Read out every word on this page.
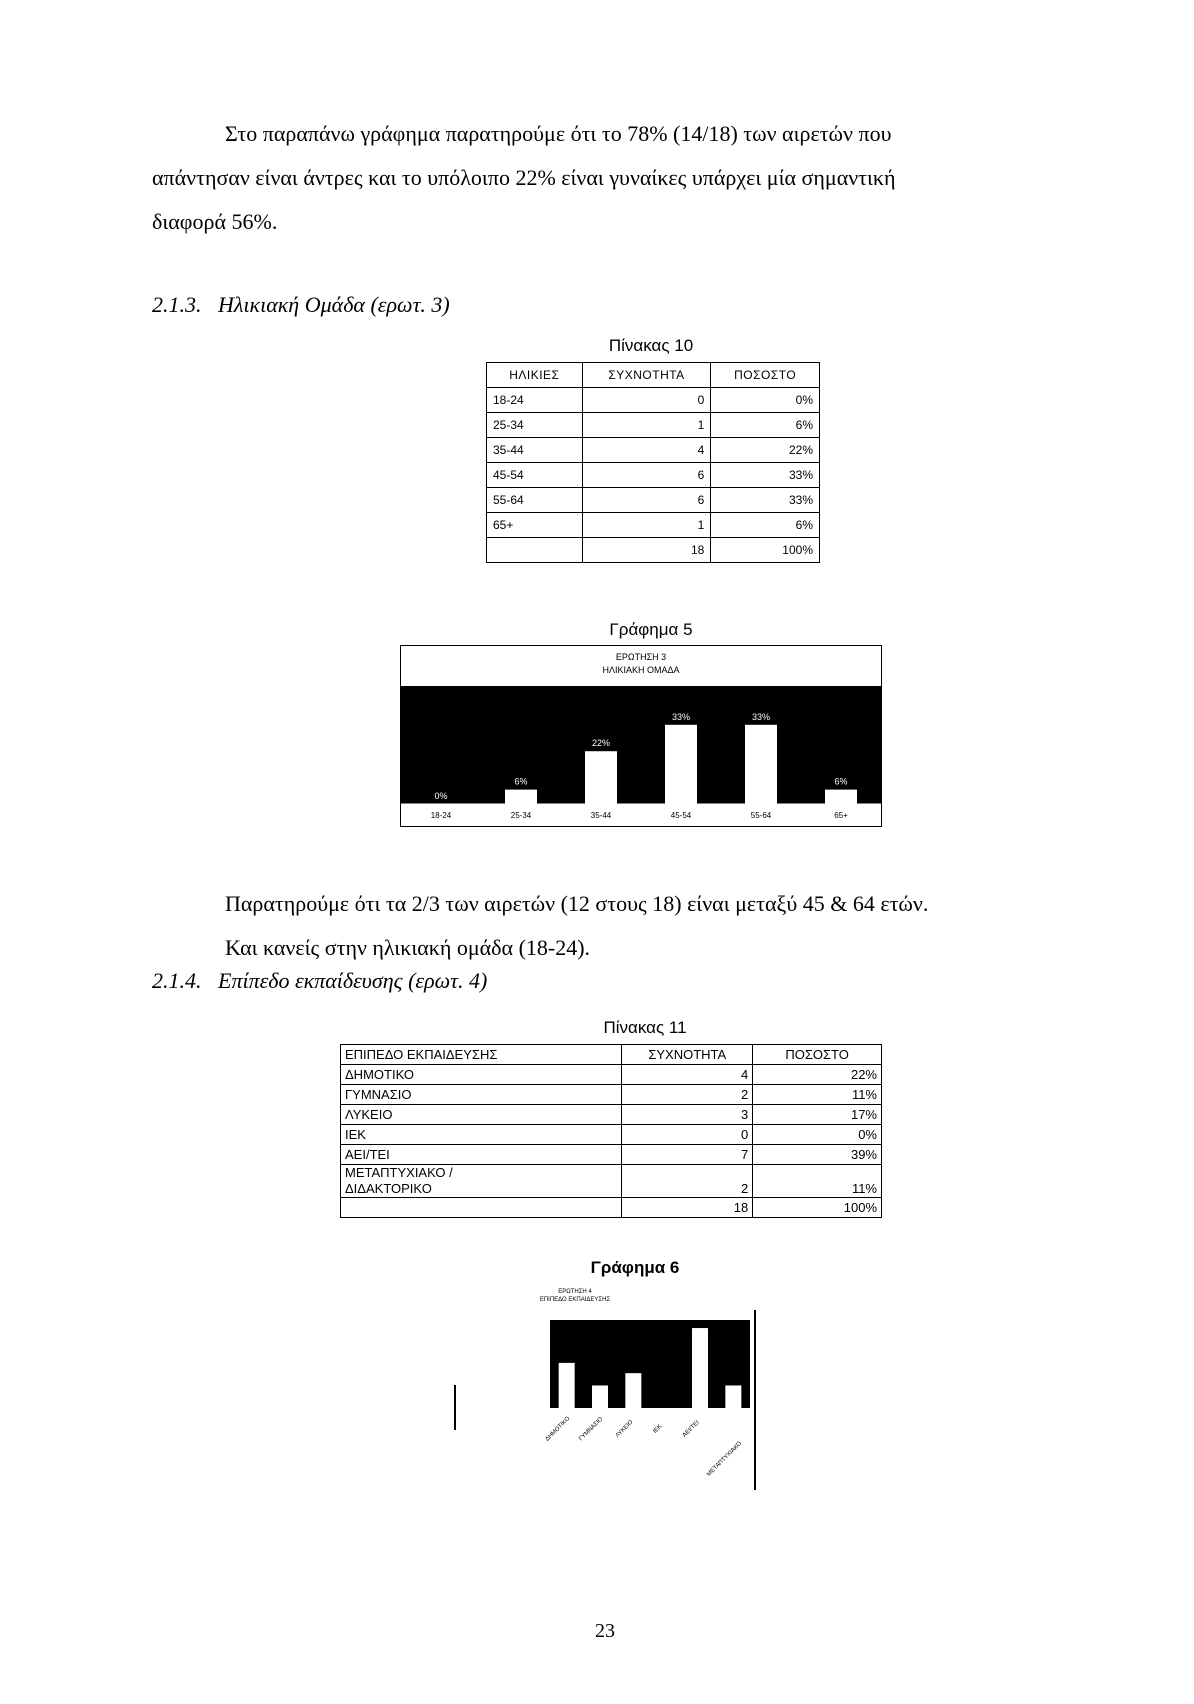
Στο παραπάνω γράφημα παρατηρούμε ότι το 78% (14/18) των αιρετών που
απάντησαν είναι άντρες και το υπόλοιπο 22% είναι γυναίκες υπάρχει μία σημαντική
διαφορά 56%.
2.1.3. Ηλικιακή Ομάδα (ερωτ. 3)
Πίνακας 10
ΗΛΙΚΙΕΣ	ΣΥΧΝΟΤΗΤΑ	ΠΟΣΟΣΤΟ
18-24	0	0%
25-34	1	6%
35-44	4	22%
45-54	6	33%
55-64	6	33%
65+	1	6%
	18	100%
Γράφημα 5
ΕΡΩΤΗΣΗ 3
ΗΛΙΚΙΑΚΗ ΟΜΑΔΑ
0%
18-24
6%
25-34
22%
35-44
33%
45-54
33%
55-64
6%
65+
Παρατηρούμε ότι τα 2/3 των αιρετών (12 στους 18) είναι μεταξύ 45 & 64 ετών.
Και κανείς στην ηλικιακή ομάδα (18-24).
2.1.4. Επίπεδο εκπαίδευσης (ερωτ. 4)
Πίνακας 11
ΕΠΙΠΕΔΟ ΕΚΠΑΙΔΕΥΣΗΣ	ΣΥΧΝΟΤΗΤΑ	ΠΟΣΟΣΤΟ
ΔΗΜΟΤΙΚΟ	4	22%
ΓΥΜΝΑΣΙΟ	2	11%
ΛΥΚΕΙΟ	3	17%
ΙΕΚ	0	0%
ΑΕΙ/ΤΕΙ	7	39%

ΜΕΤΑΠΤΥΧΙΑΚΟ /
ΔΙΔΑΚΤΟΡΙΚΟ	2	11%
	18	100%
Γράφημα 6
ΕΡΩΤΗΣΗ 4
ΕΠΙΠΕΔΟ ΕΚΠΑΙΔΕΥΣΗΣ
ΔΗΜΟΤΙΚΟ ΓΥΜΝΑΣΙΟ ΛΥΚΕΙΟ	ΙΕΚ	ΑΕΙ/ΤΕΙ
ΜΕΤΑΠΤΥΧΙΑΚΟ
23
